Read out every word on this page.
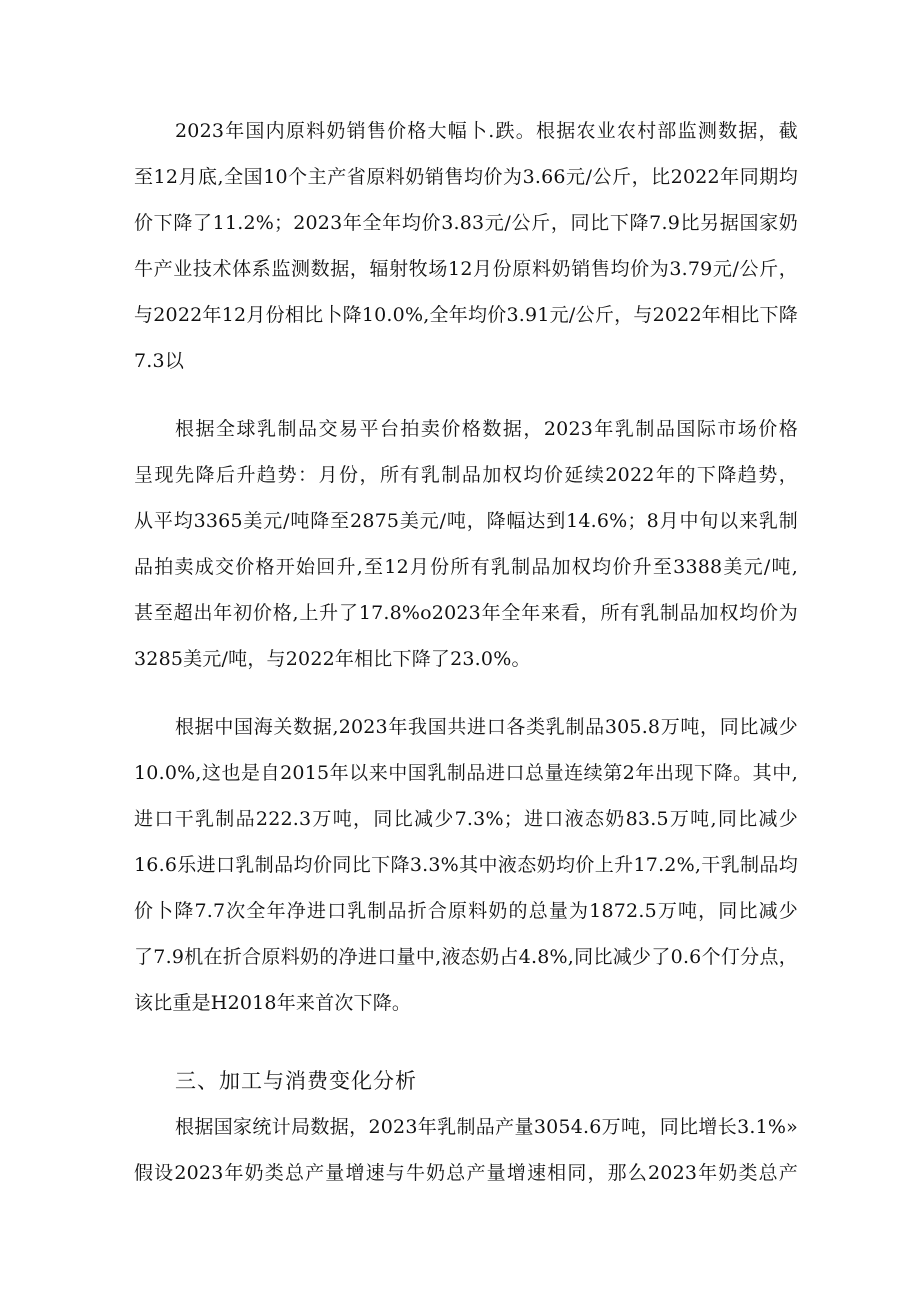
2023年国内原料奶销售价格大幅卜.跌。根据农业农村部监测数据，截
至12月底,全国10个主产省原料奶销售均价为3.66元/公斤，比2022年同期均
价下降了11.2%；2023年全年均价3.83元/公斤，同比下降7.9比另据国家奶
牛产业技术体系监测数据，辐射牧场12月份原料奶销售均价为3.79元/公斤，
与2022年12月份相比卜降10.0%,全年均价3.91元/公斤，与2022年相比下降
7.3以
根据全球乳制品交易平台拍卖价格数据，2023年乳制品国际市场价格
呈现先降后升趋势：月份，所有乳制品加权均价延续2022年的下降趋势，
从平均3365美元/吨降至2875美元/吨，降幅达到14.6%；8月中旬以来乳制
品拍卖成交价格开始回升,至12月份所有乳制品加权均价升至3388美元/吨,
甚至超出年初价格,上升了17.8%o2023年全年来看，所有乳制品加权均价为
3285美元/吨，与2022年相比下降了23.0%。
根据中国海关数据,2023年我国共进口各类乳制品305.8万吨，同比减少
10.0%,这也是自2015年以来中国乳制品进口总量连续第2年出现下降。其中,
进口干乳制品222.3万吨，同比减少7.3%；进口液态奶83.5万吨,同比减少
16.6乐进口乳制品均价同比下降3.3%其中液态奶均价上升17.2%,干乳制品均
价卜降7.7次全年净进口乳制品折合原料奶的总量为1872.5万吨，同比减少
了7.9机在折合原料奶的净进口量中,液态奶占4.8%,同比减少了0.6个仃分点，
该比重是H2018年来首次下降。
三、加工与消费变化分析
根据国家统计局数据，2023年乳制品产量3054.6万吨，同比增长3.1%»
假设2023年奶类总产量增速与牛奶总产量增速相同，那么2023年奶类总产
